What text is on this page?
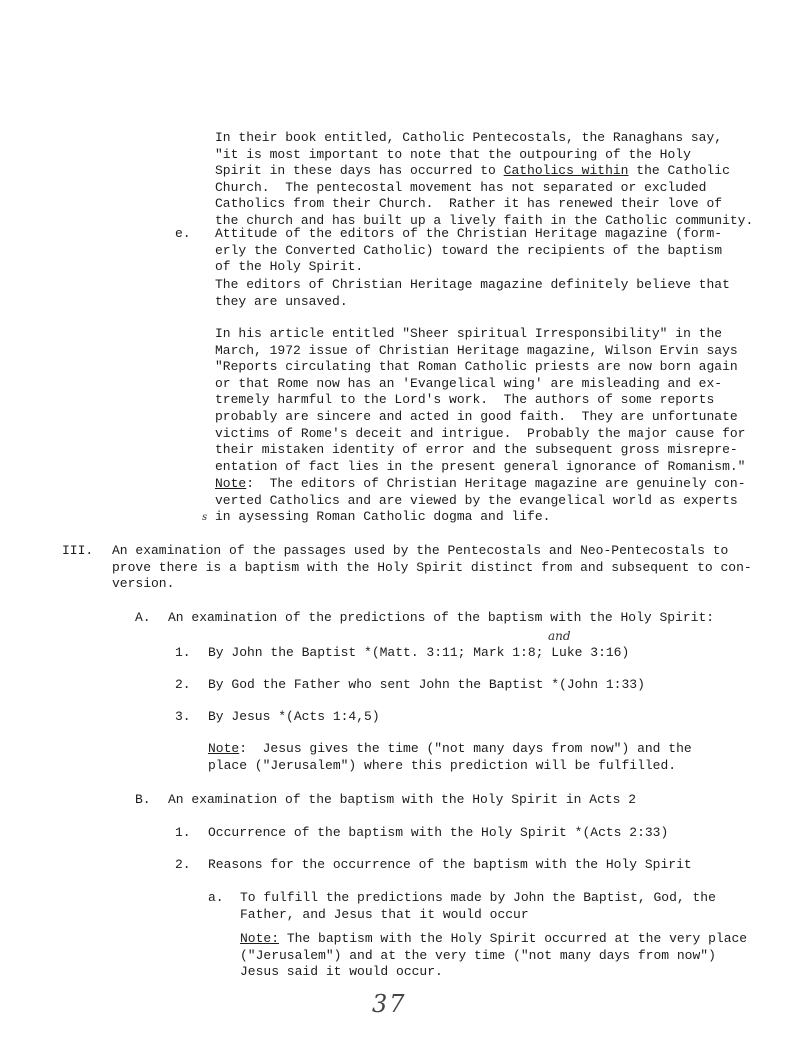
In their book entitled, Catholic Pentecostals, the Ranaghans say,
"it is most important to note that the outpouring of the Holy
Spirit in these days has occurred to Catholics within the Catholic
Church.  The pentecostal movement has not separated or excluded
Catholics from their Church.  Rather it has renewed their love of
the church and has built up a lively faith in the Catholic community.
e. Attitude of the editors of the Christian Heritage magazine (form-
erly the Converted Catholic) toward the recipients of the baptism
of the Holy Spirit.
The editors of Christian Heritage magazine definitely believe that
they are unsaved.
In his article entitled "Sheer spiritual Irresponsibility" in the
March, 1972 issue of Christian Heritage magazine, Wilson Ervin says
"Reports circulating that Roman Catholic priests are now born again
or that Rome now has an 'Evangelical wing' are misleading and ex-
tremely harmful to the Lord's work.  The authors of some reports
probably are sincere and acted in good faith.  They are unfortunate
victims of Rome's deceit and intrigue.  Probably the major cause for
their mistaken identity of error and the subsequent gross misrepre-
entation of fact lies in the present general ignorance of Romanism."
Note:  The editors of Christian Heritage magazine are genuinely con-
verted Catholics and are viewed by the evangelical world as experts
in aysessing Roman Catholic dogma and life.
s
III. An examination of the passages used by the Pentecostals and Neo-Pentecostals to
prove there is a baptism with the Holy Spirit distinct from and subsequent to con-
version.
A. An examination of the predictions of the baptism with the Holy Spirit:
and
1. By John the Baptist *(Matt. 3:11; Mark 1:8; Luke 3:16)
2. By God the Father who sent John the Baptist *(John 1:33)
3. By Jesus *(Acts 1:4,5)
Note:  Jesus gives the time ("not many days from now") and the
place ("Jerusalem") where this prediction will be fulfilled.
B. An examination of the baptism with the Holy Spirit in Acts 2
1. Occurrence of the baptism with the Holy Spirit *(Acts 2:33)
2. Reasons for the occurrence of the baptism with the Holy Spirit
a. To fulfill the predictions made by John the Baptist, God, the
Father, and Jesus that it would occur
Note: The baptism with the Holy Spirit occurred at the very place
("Jerusalem") and at the very time ("not many days from now")
Jesus said it would occur.
37
